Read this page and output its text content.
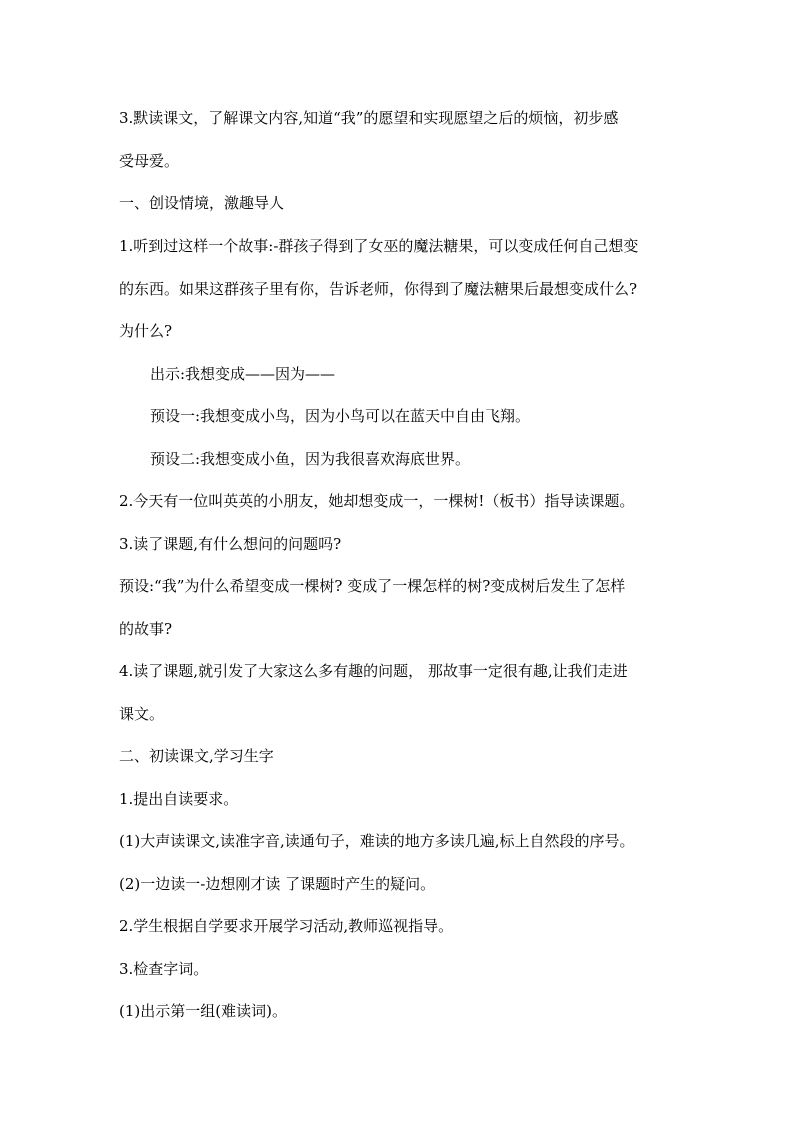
3.默读课文，了解课文内容,知道“我”的愿望和实现愿望之后的烦恼，初步感
受母爱。
一、创设情境，激趣导人
1.听到过这样一个故事:-群孩子得到了女巫的魔法糖果，可以变成任何自己想变
的东西。如果这群孩子里有你，告诉老师，你得到了魔法糖果后最想变成什么?
为什么?
出示:我想变成——因为——
预设一:我想变成小鸟，因为小鸟可以在蓝天中自由飞翔。
预设二:我想变成小鱼，因为我很喜欢海底世界。
2.今天有一位叫英英的小朋友，她却想变成一，一棵树!（板书）指导读课题。
3.读了课题,有什么想问的问题吗?
预设:“我”为什么希望变成一棵树? 变成了一棵怎样的树?变成树后发生了怎样
的故事?
4.读了课题,就引发了大家这么多有趣的问题， 那故事一定很有趣,让我们走进
课文。
二、初读课文,学习生字
1.提出自读要求。
(1)大声读课文,读准字音,读通句子，难读的地方多读几遍,标上自然段的序号。
(2)一边读一-边想刚才读 了课题时产生的疑问。
2.学生根据自学要求开展学习活动,教师巡视指导。
3.检查字词。
(1)出示第一组(难读词)。
